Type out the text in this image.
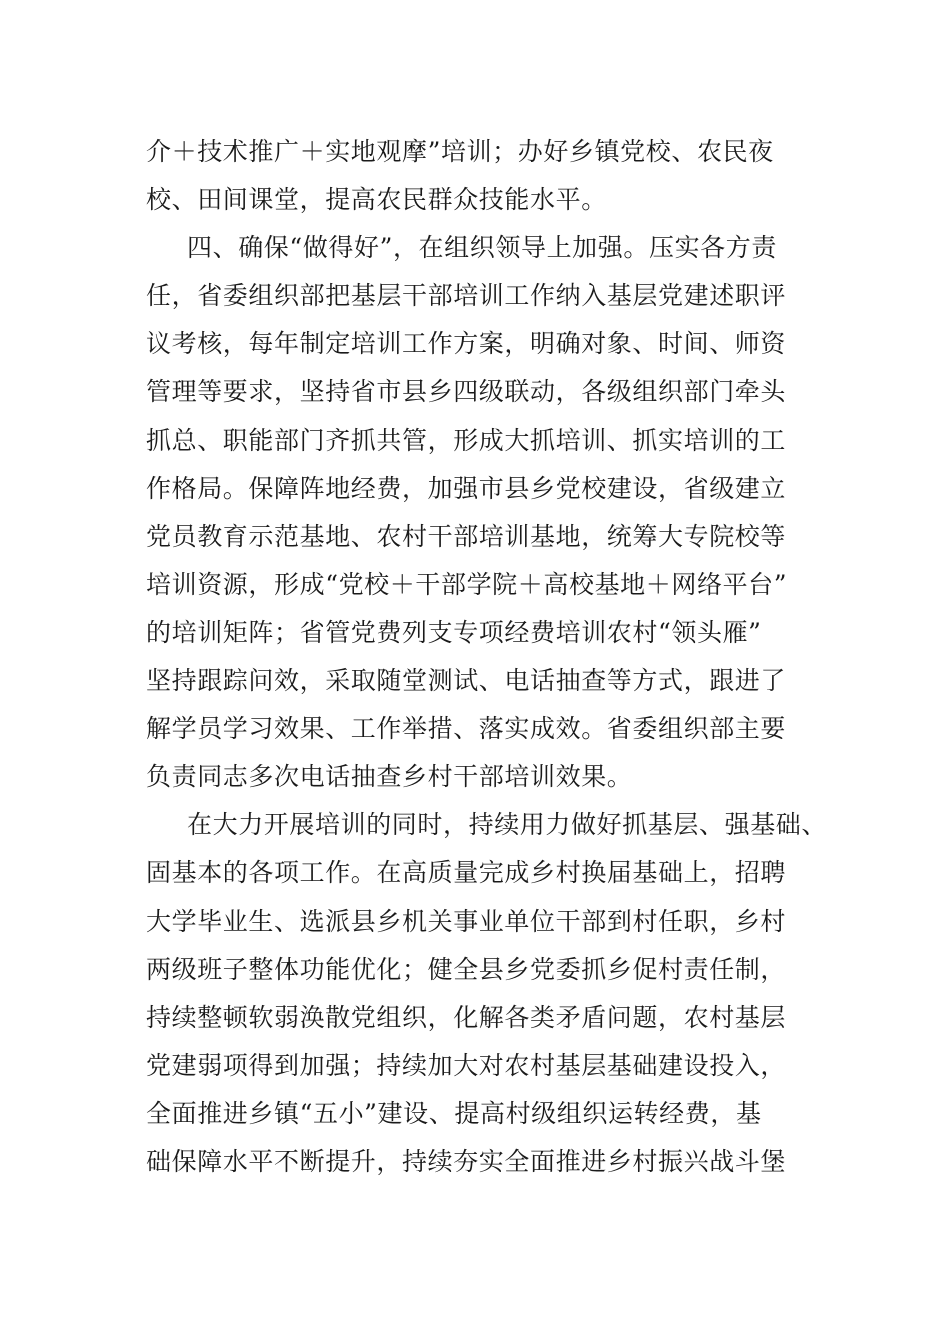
介＋技术推广＋实地观摩”培训；办好乡镇党校、农民夜
校、田间课堂，提高农民群众技能水平。
四、确保“做得好”，在组织领导上加强。压实各方责
任，省委组织部把基层干部培训工作纳入基层党建述职评
议考核，每年制定培训工作方案，明确对象、时间、师资
管理等要求，坚持省市县乡四级联动，各级组织部门牵头
抓总、职能部门齐抓共管，形成大抓培训、抓实培训的工
作格局。保障阵地经费，加强市县乡党校建设，省级建立
党员教育示范基地、农村干部培训基地，统筹大专院校等
培训资源，形成“党校＋干部学院＋高校基地＋网络平台”
的培训矩阵；省管党费列支专项经费培训农村“领头雁”
坚持跟踪问效，采取随堂测试、电话抽查等方式，跟进了
解学员学习效果、工作举措、落实成效。省委组织部主要
负责同志多次电话抽查乡村干部培训效果。
在大力开展培训的同时，持续用力做好抓基层、强基础、
固基本的各项工作。在高质量完成乡村换届基础上，招聘
大学毕业生、选派县乡机关事业单位干部到村任职，乡村
两级班子整体功能优化；健全县乡党委抓乡促村责任制，
持续整顿软弱涣散党组织，化解各类矛盾问题，农村基层
党建弱项得到加强；持续加大对农村基层基础建设投入，
全面推进乡镇“五小”建设、提高村级组织运转经费，基
础保障水平不断提升，持续夯实全面推进乡村振兴战斗堡
